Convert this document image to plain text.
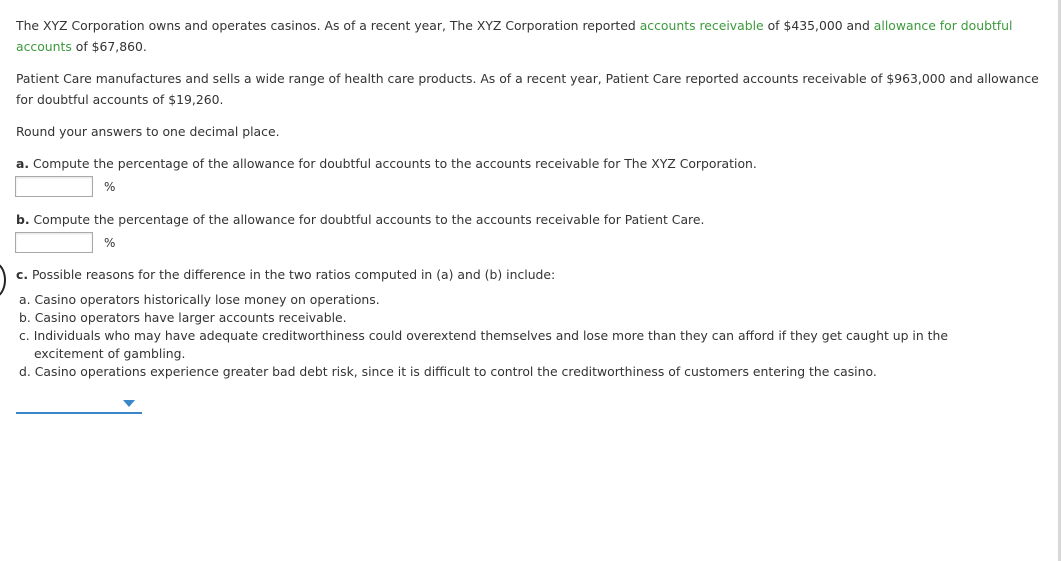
The XYZ Corporation owns and operates casinos. As of a recent year, The XYZ Corporation reported accounts receivable of $435,000 and allowance for doubtful accounts of $67,860.

Patient Care manufactures and sells a wide range of health care products. As of a recent year, Patient Care reported accounts receivable of $963,000 and allowance for doubtful accounts of $19,260.

Round your answers to one decimal place.

a. Compute the percentage of the allowance for doubtful accounts to the accounts receivable for The XYZ Corporation.

%

b. Compute the percentage of the allowance for doubtful accounts to the accounts receivable for Patient Care.

%

c. Possible reasons for the difference in the two ratios computed in (a) and (b) include:

a. Casino operators historically lose money on operations.
b. Casino operators have larger accounts receivable.
c. Individuals who may have adequate creditworthiness could overextend themselves and lose more than they can afford if they get caught up in the excitement of gambling.
d. Casino operations experience greater bad debt risk, since it is difficult to control the creditworthiness of customers entering the casino.
